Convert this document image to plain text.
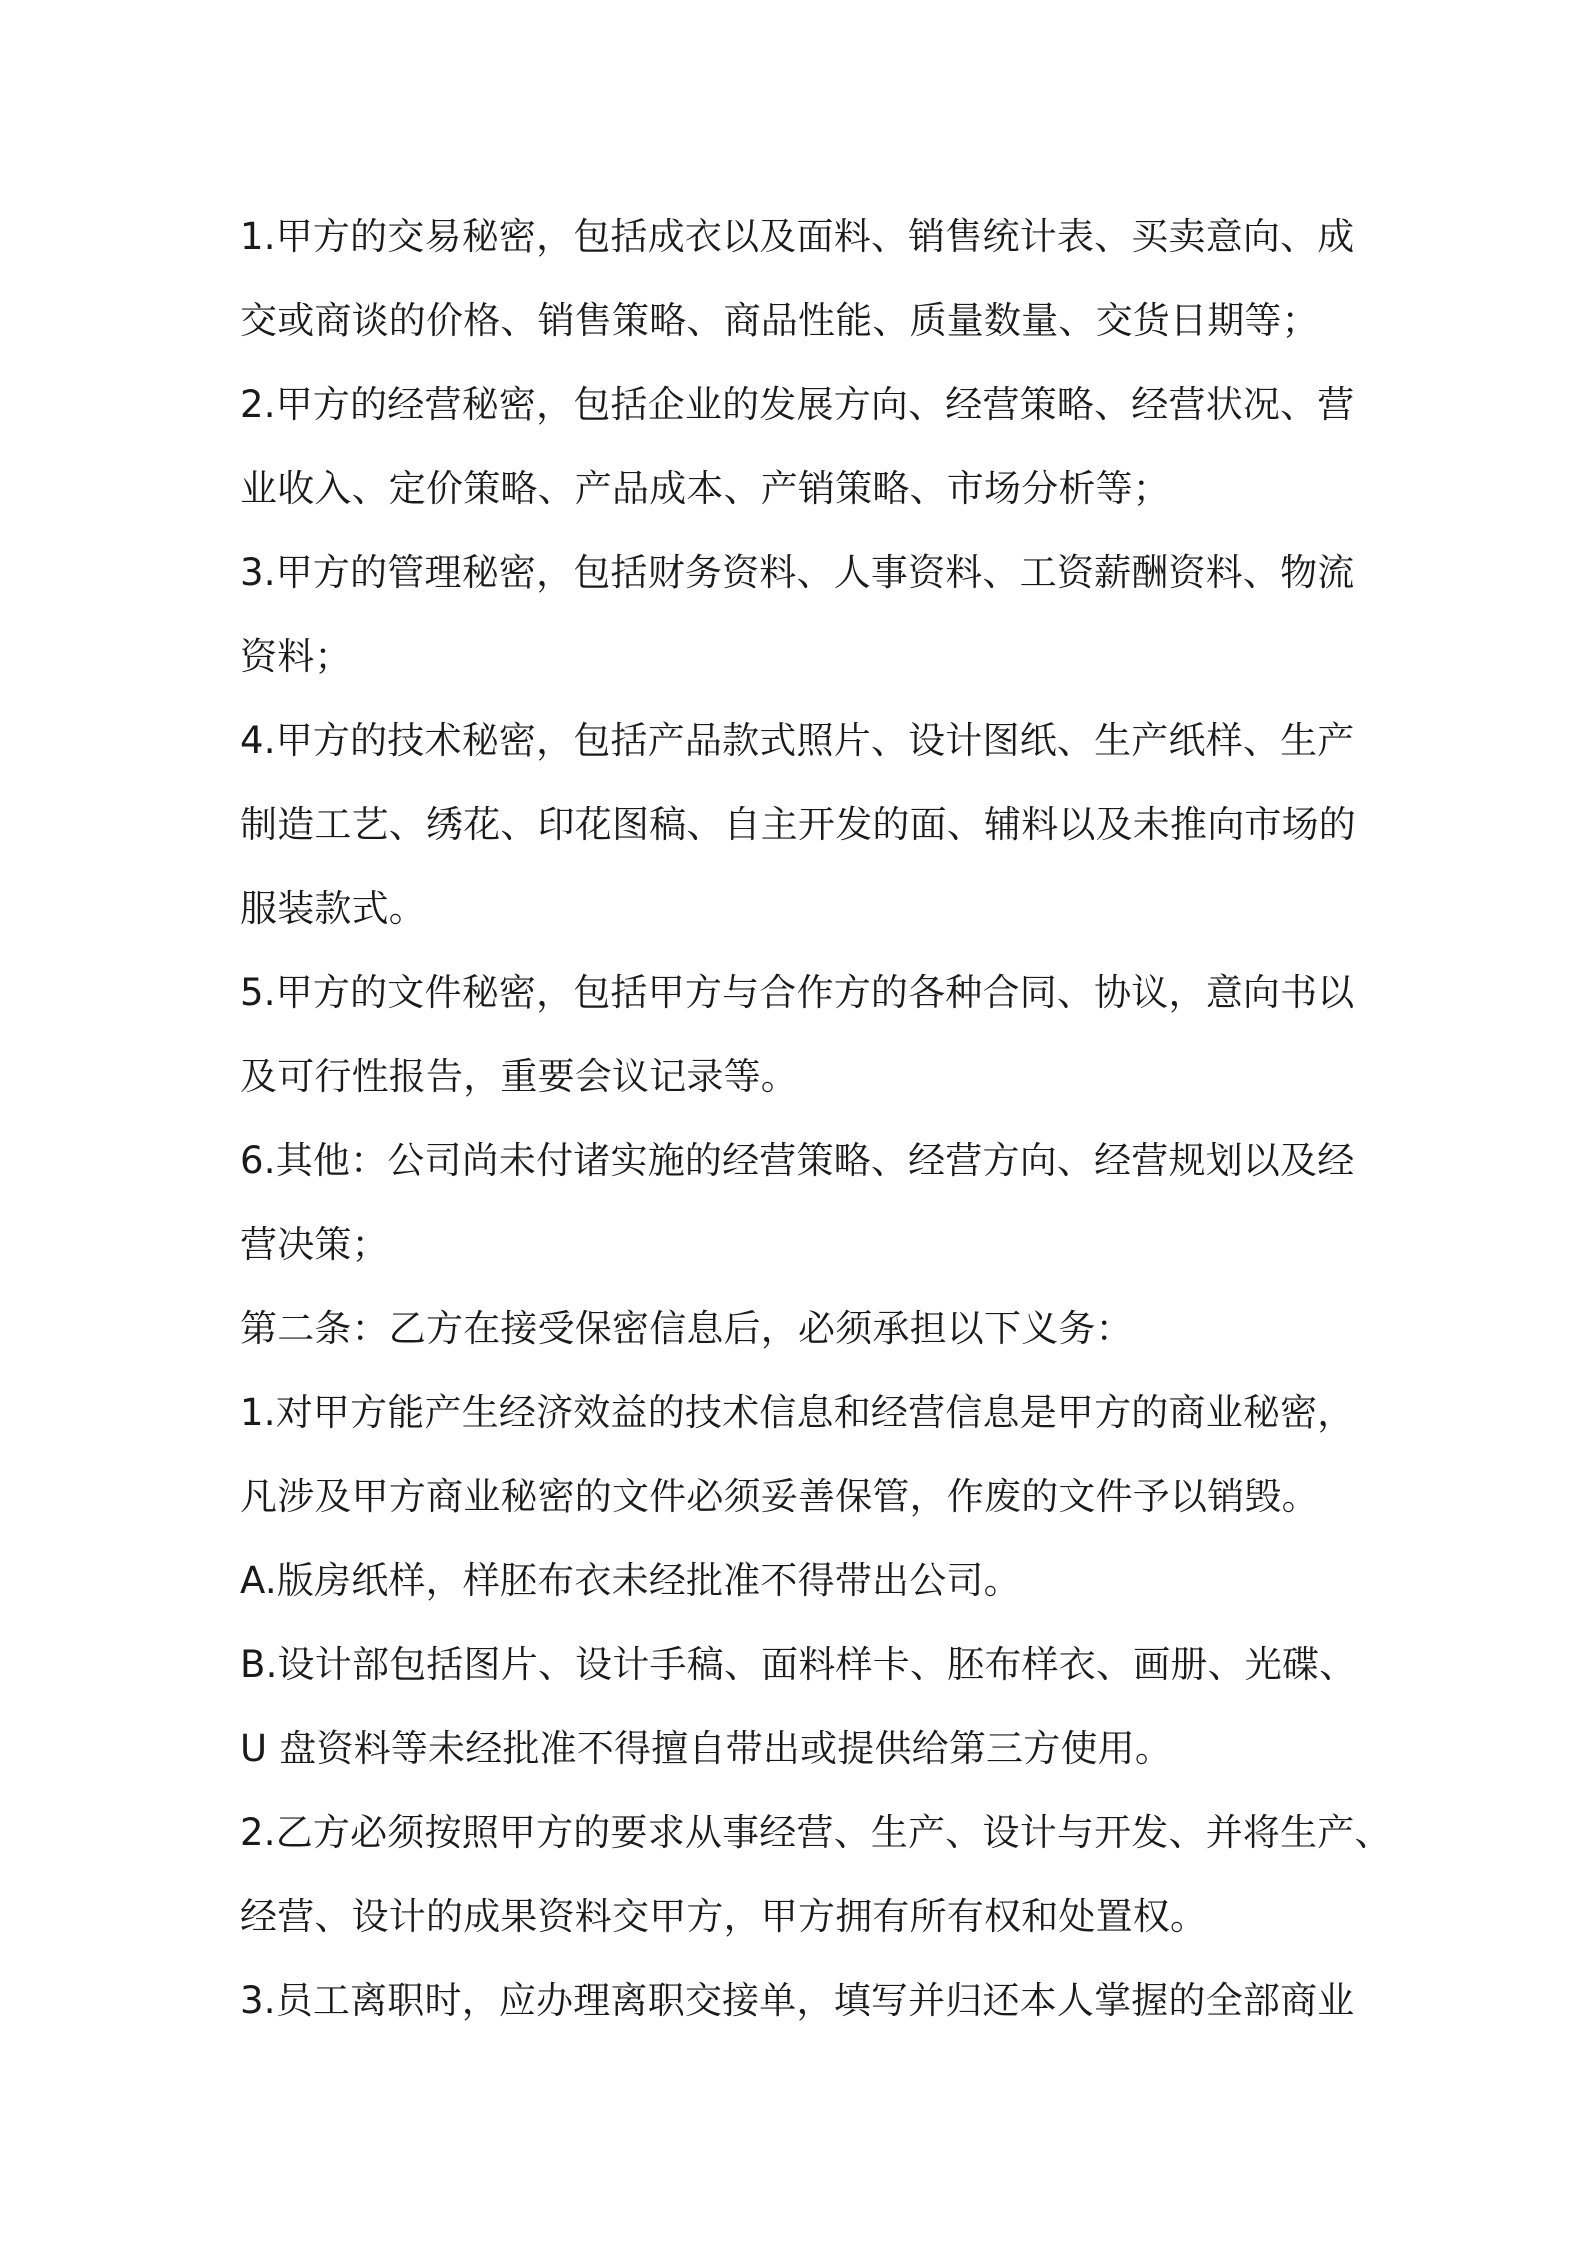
1.甲方的交易秘密，包括成衣以及面料、销售统计表、买卖意向、成
交或商谈的价格、销售策略、商品性能、质量数量、交货日期等；
2.甲方的经营秘密，包括企业的发展方向、经营策略、经营状况、营
业收入、定价策略、产品成本、产销策略、市场分析等；
3.甲方的管理秘密，包括财务资料、人事资料、工资薪酬资料、物流
资料；
4.甲方的技术秘密，包括产品款式照片、设计图纸、生产纸样、生产
制造工艺、绣花、印花图稿、自主开发的面、辅料以及未推向市场的
服装款式。
5.甲方的文件秘密，包括甲方与合作方的各种合同、协议，意向书以
及可行性报告，重要会议记录等。
6.其他：公司尚未付诸实施的经营策略、经营方向、经营规划以及经
营决策；
第二条：乙方在接受保密信息后，必须承担以下义务：
1.对甲方能产生经济效益的技术信息和经营信息是甲方的商业秘密，
凡涉及甲方商业秘密的文件必须妥善保管，作废的文件予以销毁。
A.版房纸样，样胚布衣未经批准不得带出公司。
B.设计部包括图片、设计手稿、面料样卡、胚布样衣、画册、光碟、
U 盘资料等未经批准不得擅自带出或提供给第三方使用。
2.乙方必须按照甲方的要求从事经营、生产、设计与开发、并将生产、
经营、设计的成果资料交甲方，甲方拥有所有权和处置权。
3.员工离职时，应办理离职交接单，填写并归还本人掌握的全部商业
